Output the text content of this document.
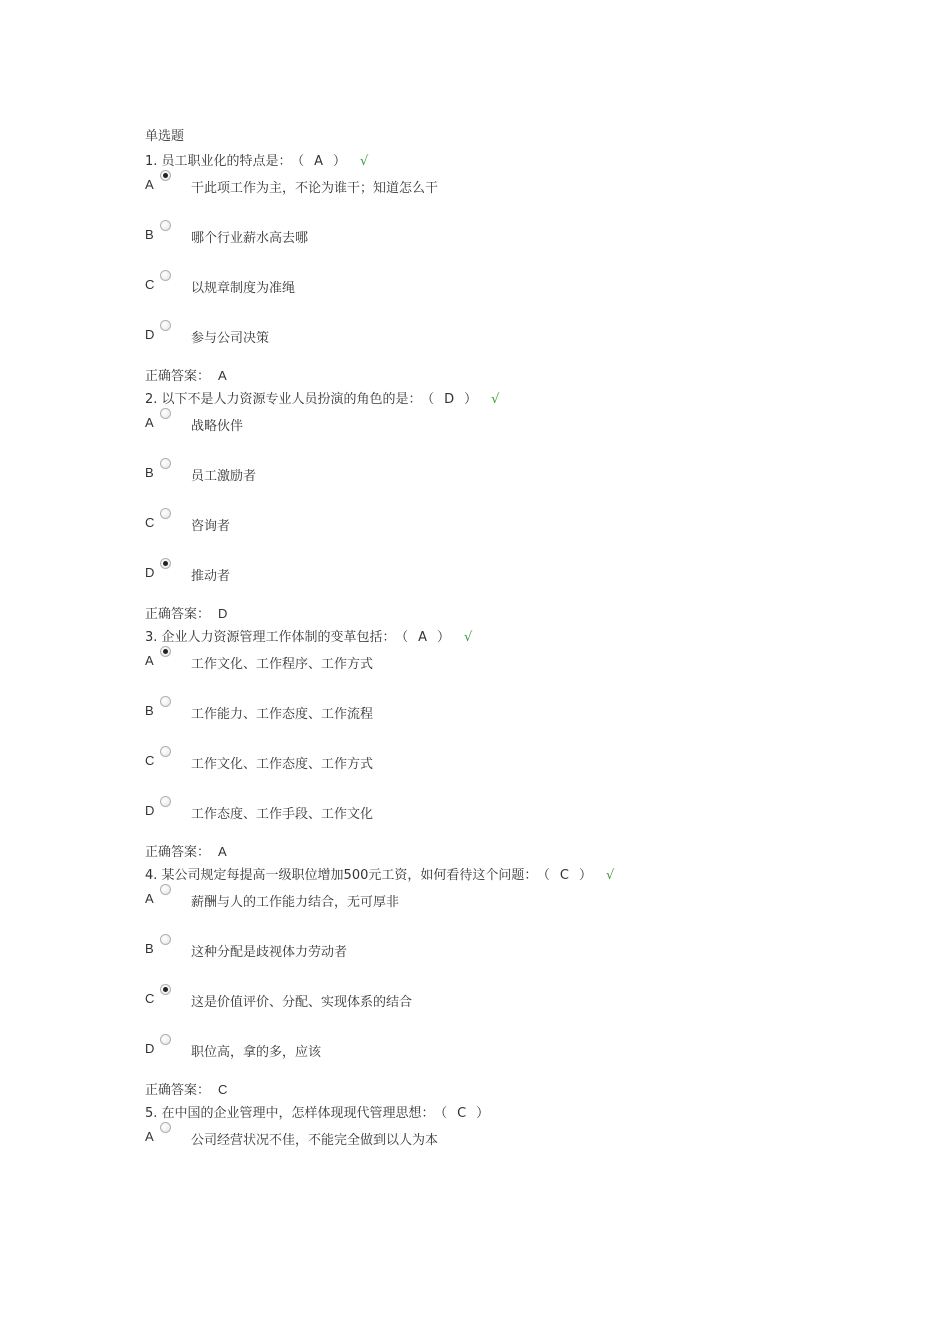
单选题
1. 员工职业化的特点是： （ A ） √
A	干此项工作为主，不论为谁干；知道怎么干
B	哪个行业薪水高去哪
C	以规章制度为准绳
D	参与公司决策
正确答案： A
2. 以下不是人力资源专业人员扮演的角色的是： （ D ） √
A	战略伙伴
B	员工激励者
C	咨询者
D	推动者
正确答案： D
3. 企业人力资源管理工作体制的变革包括： （ A ） √
A	工作文化、工作程序、工作方式
B	工作能力、工作态度、工作流程
C	工作文化、工作态度、工作方式
D	工作态度、工作手段、工作文化
正确答案： A
4. 某公司规定每提高一级职位增加500元工资，如何看待这个问题： （ C ） √
A	薪酬与人的工作能力结合，无可厚非
B	这种分配是歧视体力劳动者
C	这是价值评价、分配、实现体系的结合
D	职位高，拿的多，应该
正确答案： C
5. 在中国的企业管理中，怎样体现现代管理思想： （ C ）
A	公司经营状况不佳，不能完全做到以人为本
